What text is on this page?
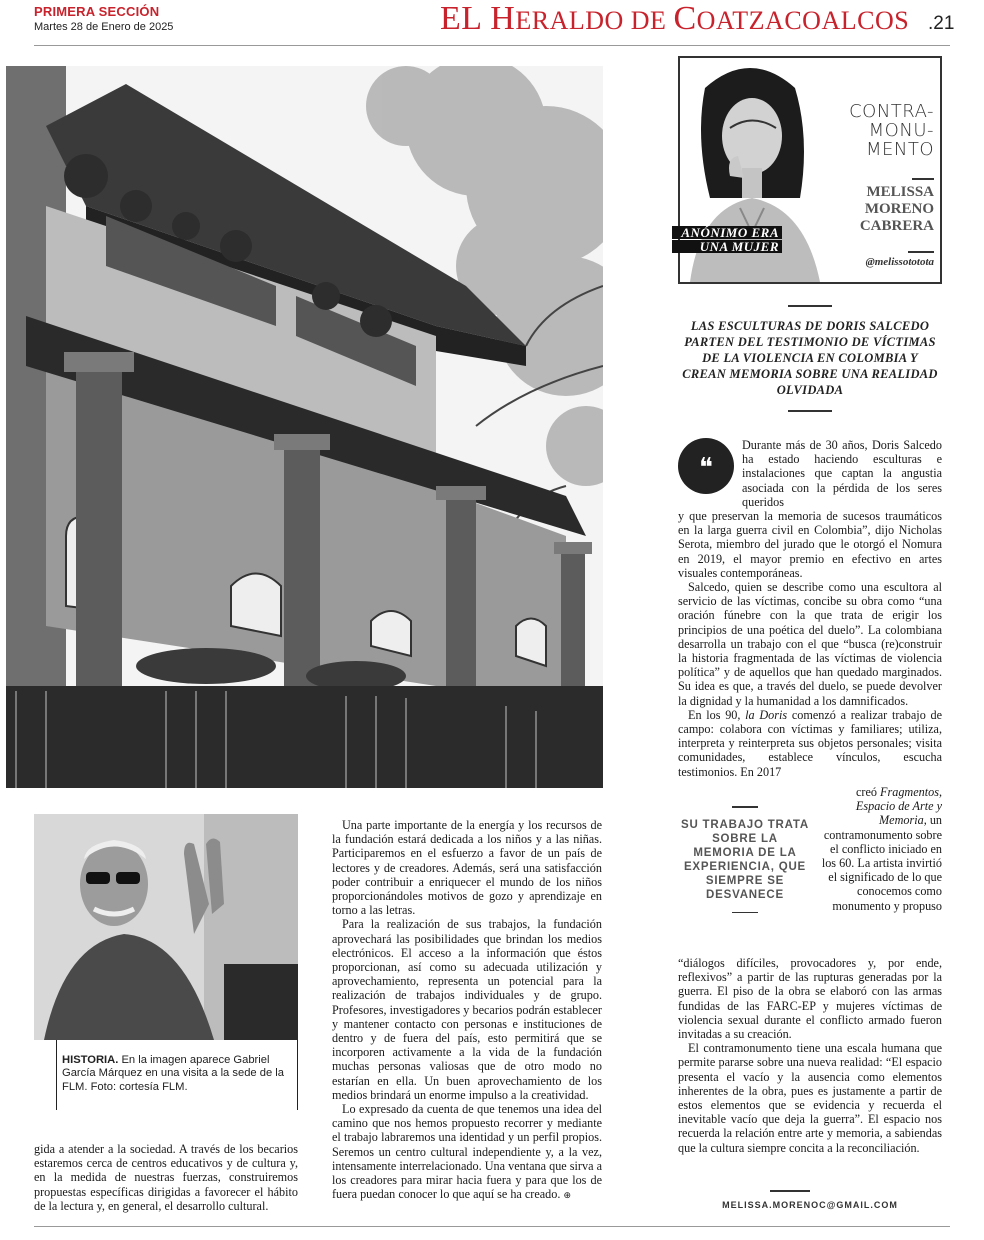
PRIMERA SECCIÓN
Martes 28 de Enero de 2025	EL HERALDO DE COATZACOALCOS .21
ANÓNIMO ERA
UNA MUJER
CONTRA-
MONU-
MENTO
MELISSA
MORENO
CABRERA
@melissototota
LAS ESCULTURAS DE DORIS SALCEDO
PARTEN DEL TESTIMONIO DE VÍCTIMAS
DE LA VIOLENCIA EN COLOMBIA Y
CREAN MEMORIA SOBRE UNA REALIDAD
OLVIDADA
❝

Durante más de 30 años, Doris Salcedo ha estado haciendo esculturas e instalaciones que captan la angustia asociada con la pérdida de los seres queridos

y que preservan la memoria de sucesos traumáticos en la larga guerra civil en Colombia”, dijo Nicholas Serota, miembro del jurado que le otorgó el Nomura en 2019, el mayor premio en efectivo en artes visuales contemporáneas.

Salcedo, quien se describe como una escultora al servicio de las víctimas, concibe su obra como “una oración fúnebre con la que trata de erigir los principios de una poética del duelo”. La colombiana desarrolla un trabajo con el que “busca (re)construir la historia fragmentada de las víctimas de violencia política” y de aquellos que han quedado marginados. Su idea es que, a través del duelo, se puede devolver la dignidad y la humanidad a los damnificados.

En los 90, la Doris comenzó a realizar trabajo de campo: colabora con víctimas y familiares; utiliza, interpreta y reinterpreta sus objetos personales; visita comunidades, establece vínculos, escucha testimonios. En 2017

SU TRABAJO TRATA SOBRE LA MEMORIA DE LA EXPERIENCIA, QUE SIEMPRE SE DESVANECE

creó Fragmentos, Espacio de Arte y Memoria, un contramonumento sobre el conflicto iniciado en los 60. La artista invirtió el significado de lo que conocemos como monumento y propuso

“diálogos difíciles, provocadores y, por ende, reflexivos” a partir de las rupturas generadas por la guerra. El piso de la obra se elaboró con las armas fundidas de las FARC-EP y mujeres víctimas de violencia sexual durante el conflicto armado fueron invitadas a su creación.

El contramonumento tiene una escala humana que permite pararse sobre una nueva realidad: “El espacio presenta el vacío y la ausencia como elementos inherentes de la obra, pues es justamente a partir de estos elementos que se evidencia y recuerda el inevitable vacío que deja la guerra”. El espacio nos recuerda la relación entre arte y memoria, a sabiendas que la cultura siempre concita a la reconciliación.

MELISSA.MORENOC@GMAIL.COM
HISTORIA. En la imagen aparece Gabriel García Márquez en una visita a la sede de la FLM. Foto: cortesía FLM.

gida a atender a la sociedad. A través de los becarios estaremos cerca de centros educativos y de cultura y, en la medida de nuestras fuerzas, construiremos propuestas específicas dirigidas a favorecer el hábito de la lectura y, en general, el desarrollo cultural.

Una parte importante de la energía y los recursos de la fundación estará dedicada a los niños y a las niñas. Participaremos en el esfuerzo a favor de un país de lectores y de creadores. Además, será una satisfacción poder contribuir a enriquecer el mundo de los niños proporcionándoles motivos de gozo y aprendizaje en torno a las letras.

Para la realización de sus trabajos, la fundación aprovechará las posibilidades que brindan los medios electrónicos. El acceso a la información que éstos proporcionan, así como su adecuada utilización y aprovechamiento, representa un potencial para la realización de trabajos individuales y de grupo. Profesores, investigadores y becarios podrán establecer y mantener contacto con personas e instituciones de dentro y de fuera del país, esto permitirá que se incorporen activamente a la vida de la fundación muchas personas valiosas que de otro modo no estarían en ella. Un buen aprovechamiento de los medios brindará un enorme impulso a la creatividad.

Lo expresado da cuenta de que tenemos una idea del camino que nos hemos propuesto recorrer y mediante el trabajo labraremos una identidad y un perfil propios. Seremos un centro cultural independiente y, a la vez, intensamente interrelacionado. Una ventana que sirva a los creadores para mirar hacia fuera y para que los de fuera puedan conocer lo que aquí se ha creado. ⊕
